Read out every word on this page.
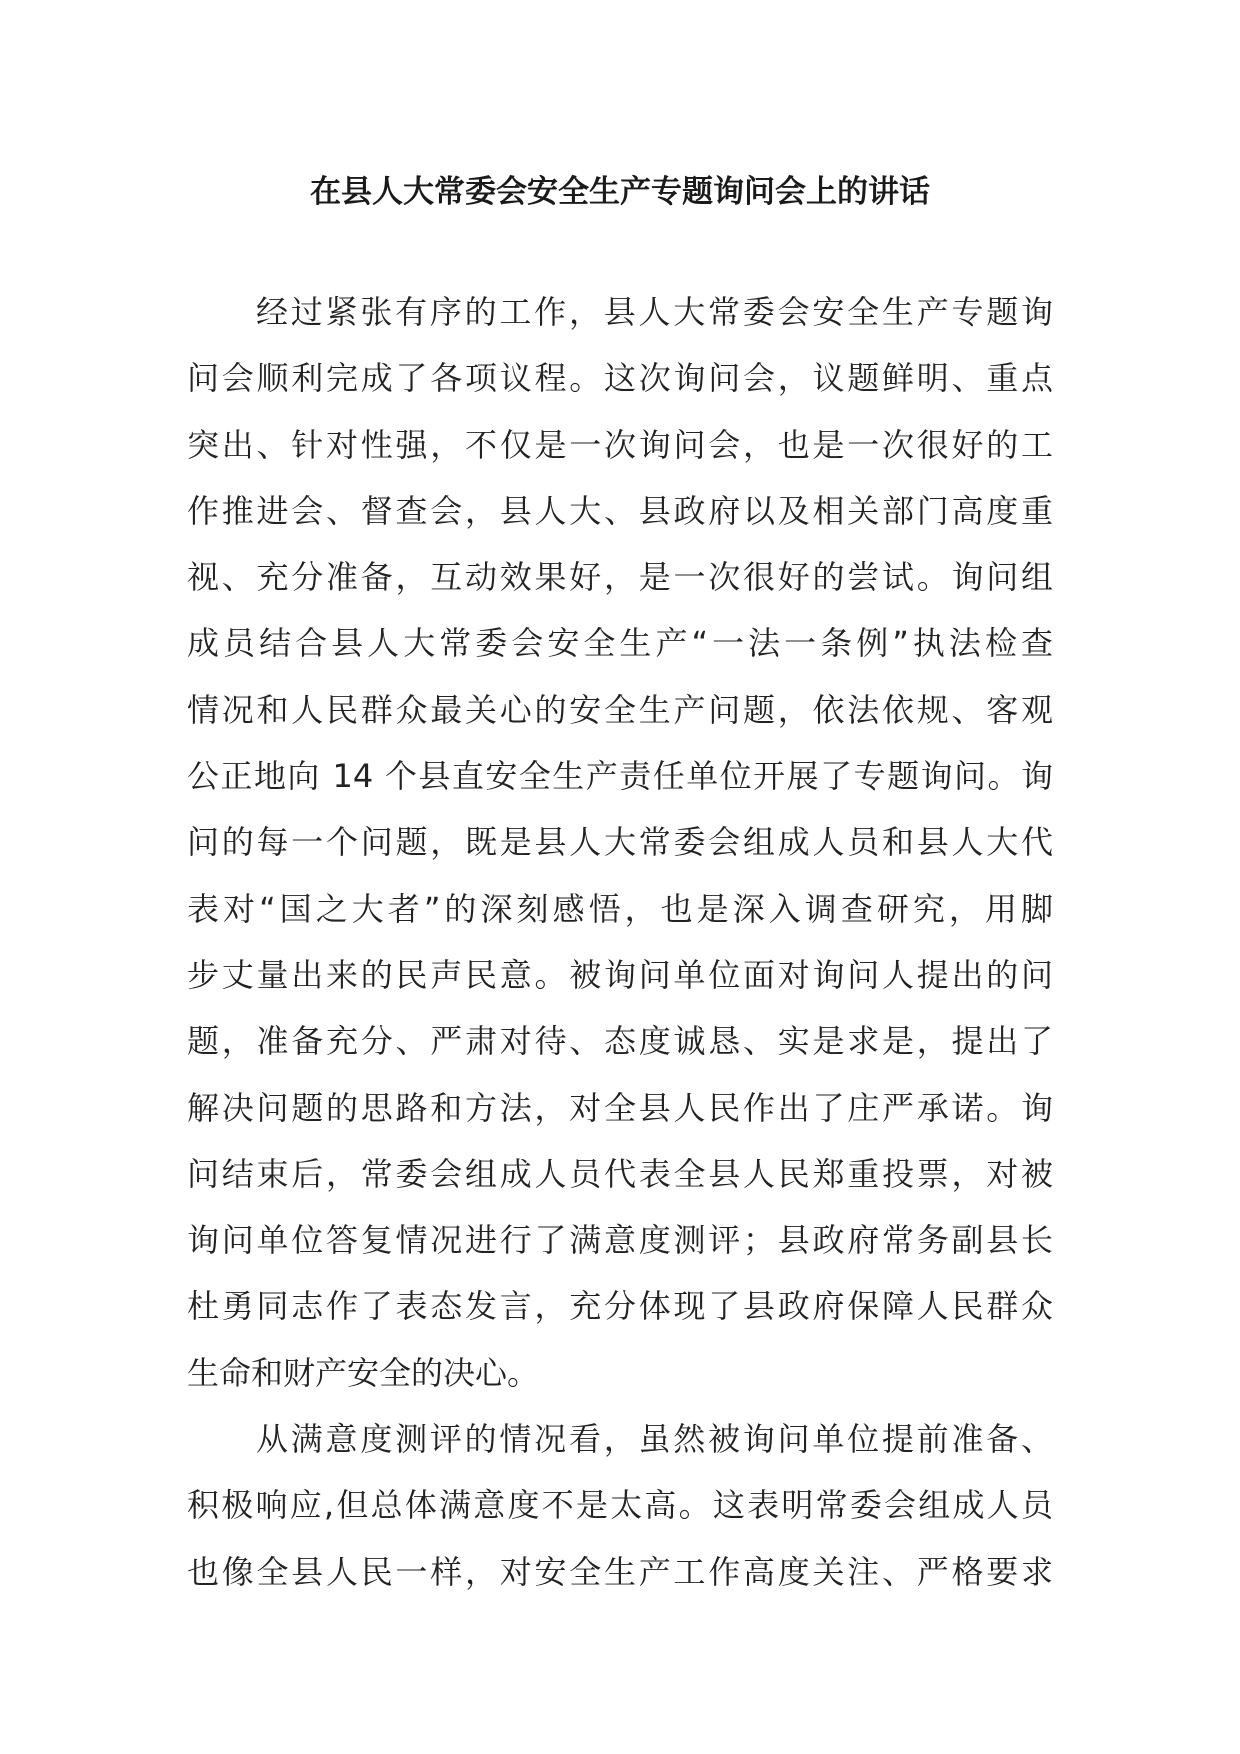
在县人大常委会安全生产专题询问会上的讲话
经过紧张有序的工作，县人大常委会安全生产专题询
问会顺利完成了各项议程。这次询问会，议题鲜明、重点
突出、针对性强，不仅是一次询问会，也是一次很好的工
作推进会、督查会，县人大、县政府以及相关部门高度重
视、充分准备，互动效果好，是一次很好的尝试。询问组
成员结合县人大常委会安全生产“一法一条例”执法检查
情况和人民群众最关心的安全生产问题，依法依规、客观
公正地向 14 个县直安全生产责任单位开展了专题询问。询
问的每一个问题，既是县人大常委会组成人员和县人大代
表对“国之大者”的深刻感悟，也是深入调查研究，用脚
步丈量出来的民声民意。被询问单位面对询问人提出的问
题，准备充分、严肃对待、态度诚恳、实是求是，提出了
解决问题的思路和方法，对全县人民作出了庄严承诺。询
问结束后，常委会组成人员代表全县人民郑重投票，对被
询问单位答复情况进行了满意度测评；县政府常务副县长
杜勇同志作了表态发言，充分体现了县政府保障人民群众
生命和财产安全的决心。
从满意度测评的情况看，虽然被询问单位提前准备、
积极响应,但总体满意度不是太高。这表明常委会组成人员
也像全县人民一样，对安全生产工作高度关注、严格要求
